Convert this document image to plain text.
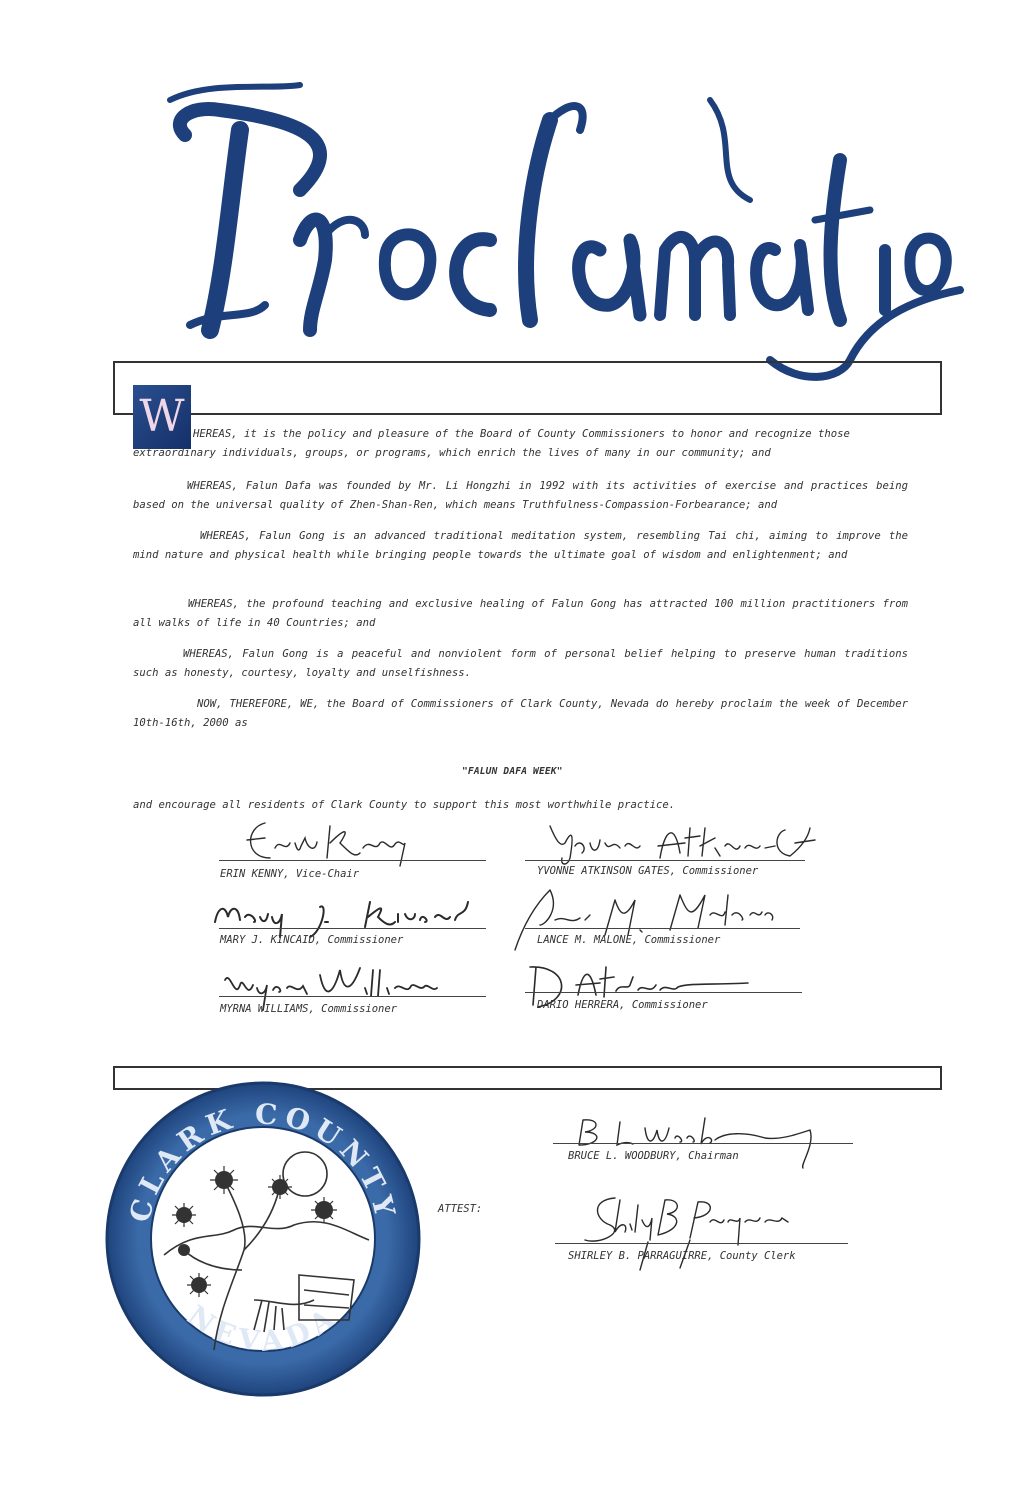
W HEREAS, it is the policy and pleasure of the Board of County Commissioners to honor and recognize those

extraordinary individuals, groups, or programs, which enrich the lives of many in our community; and

WHEREAS, Falun Dafa was founded by Mr. Li Hongzhi in 1992 with its activities of exercise and practices being based on the universal quality of Zhen-Shan-Ren, which means Truthfulness-Compassion-Forbearance; and

WHEREAS, Falun Gong is an advanced traditional meditation system, resembling Tai chi, aiming to improve the mind nature and physical health while bringing people towards the ultimate goal of wisdom and enlightenment; and

WHEREAS, the profound teaching and exclusive healing of Falun Gong has attracted 100 million practitioners from all walks of life in 40 Countries; and

WHEREAS, Falun Gong is a peaceful and nonviolent form of personal belief helping to preserve human traditions such as honesty, courtesy, loyalty and unselfishness.

NOW, THEREFORE, WE, the Board of Commissioners of Clark County, Nevada do hereby proclaim the week of December 10th-16th, 2000 as

"FALUN DAFA WEEK"

and encourage all residents of Clark County to support this most worthwhile practice.

ERIN KENNY, Vice-Chair	YVONNE ATKINSON GATES, Commissioner
MARY J. KINCAID, Commissioner	LANCE M. MALONE, Commissioner
MYRNA WILLIAMS, Commissioner	DARIO HERRERA, Commissioner
CLARK COUNTY
NEVADA
BRUCE L. WOODBURY, Chairman
ATTEST:
SHIRLEY B. PARRAGUIRRE, County Clerk
